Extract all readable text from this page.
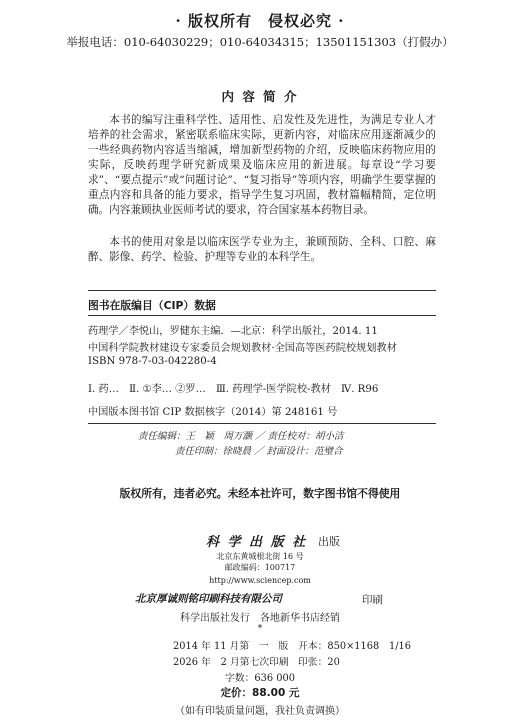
· 版权所有　侵权必究 ·
举报电话：010-64030229；010-64034315；13501151303（打假办）
内 容 简 介
本书的编写注重科学性、适用性、启发性及先进性，为满足专业人才培养的社会需求，紧密联系临床实际，更新内容，对临床应用逐渐减少的一些经典药物内容适当缩减，增加新型药物的介绍，反映临床药物应用的实际，反映药理学研究新成果及临床应用的新进展。每章设“学习要求”、“要点提示”或“问题讨论”、“复习指导”等项内容，明确学生要掌握的重点内容和具备的能力要求，指导学生复习巩固，教材篇幅精简，定位明确。内容兼顾执业医师考试的要求，符合国家基本药物目录。
本书的使用对象是以临床医学专业为主，兼顾预防、全科、口腔、麻醉、影像、药学、检验、护理等专业的本科学生。
图书在版编目（CIP）数据
药理学／李悦山，罗健东主编．—北京：科学出版社，2014. 11
中国科学院教材建设专家委员会规划教材·全国高等医药院校规划教材
ISBN 978-7-03-042280-4
Ⅰ. 药…　Ⅱ. ①李… ②罗…　Ⅲ. 药理学-医学院校-教材　Ⅳ. R96
中国版本图书馆 CIP 数据核字（2014）第 248161 号
责任编辑：王　颖　周万灏 ／ 责任校对：胡小洁
责任印制：徐晓晨 ／ 封面设计：范璧合
版权所有，违者必究。未经本社许可，数字图书馆不得使用
科 学 出 版 社 出版
北京东黄城根北街 16 号
邮政编码：100717
http://www.sciencep.com
北京厚诚则铭印刷科技有限公司	印刷
科学出版社发行　各地新华书店经销
*
2014 年 11 月第　一　版 开本：850×1168　1/16
2026 年　2 月第七次印刷 印张：20
字数：636 000
定价：88.00 元
（如有印装质量问题，我社负责调换）
